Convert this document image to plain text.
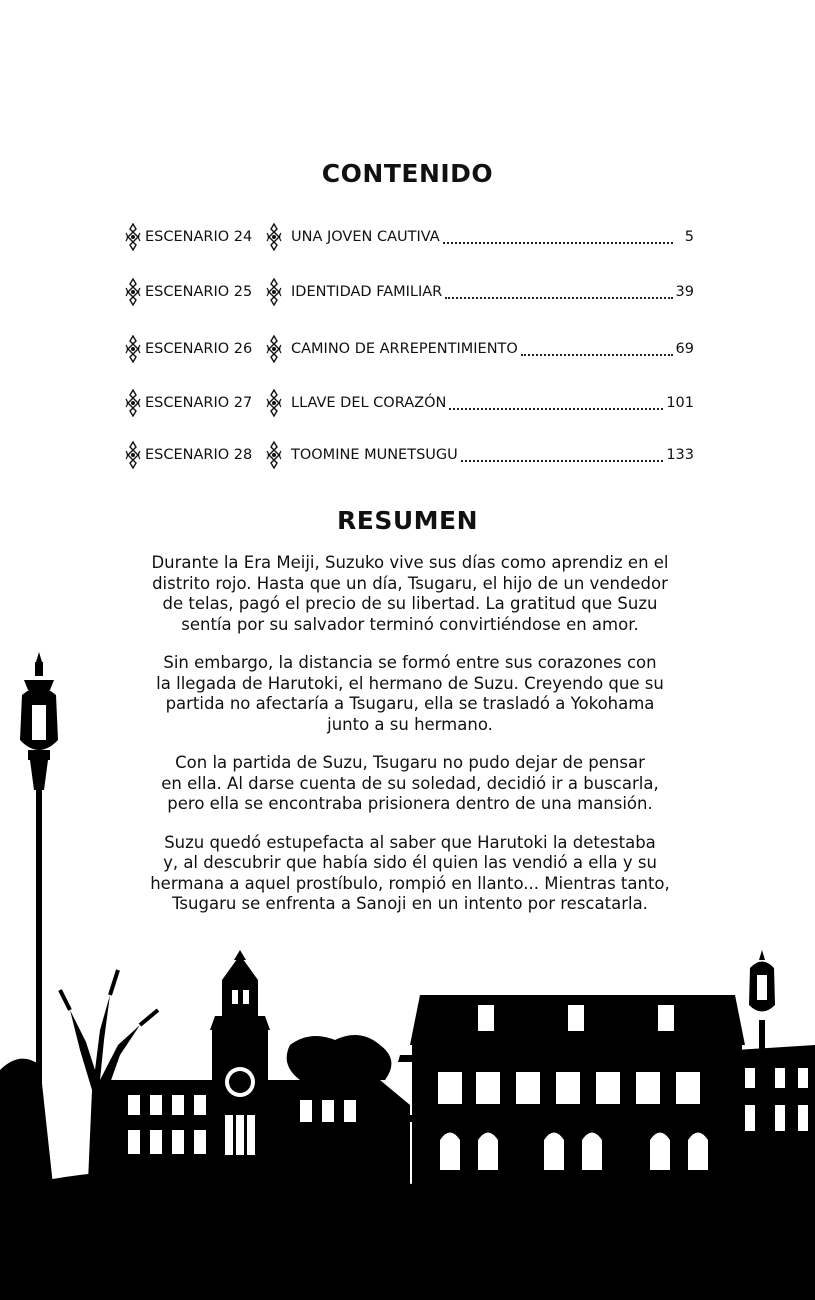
CONTENIDO
ESCENARIO 24	UNA JOVEN CAUTIVA	5
ESCENARIO 25	IDENTIDAD FAMILIAR	39
ESCENARIO 26	CAMINO DE ARREPENTIMIENTO	69
ESCENARIO 27	LLAVE DEL CORAZÓN	101
ESCENARIO 28	TOOMINE MUNETSUGU	133
RESUMEN

Durante la Era Meiji, Suzuko vive sus días como aprendiz en el
distrito rojo. Hasta que un día, Tsugaru, el hijo de un vendedor
de telas, pagó el precio de su libertad. La gratitud que Suzu
sentía por su salvador terminó convirtiéndose en amor.

Sin embargo, la distancia se formó entre sus corazones con
la llegada de Harutoki, el hermano de Suzu. Creyendo que su
partida no afectaría a Tsugaru, ella se trasladó a Yokohama
junto a su hermano.

Con la partida de Suzu, Tsugaru no pudo dejar de pensar
en ella. Al darse cuenta de su soledad, decidió ir a buscarla,
pero ella se encontraba prisionera dentro de una mansión.

Suzu quedó estupefacta al saber que Harutoki la detestaba
y, al descubrir que había sido él quien las vendió a ella y su
hermana a aquel prostíbulo, rompió en llanto... Mientras tanto,
Tsugaru se enfrenta a Sanoji en un intento por rescatarla.
